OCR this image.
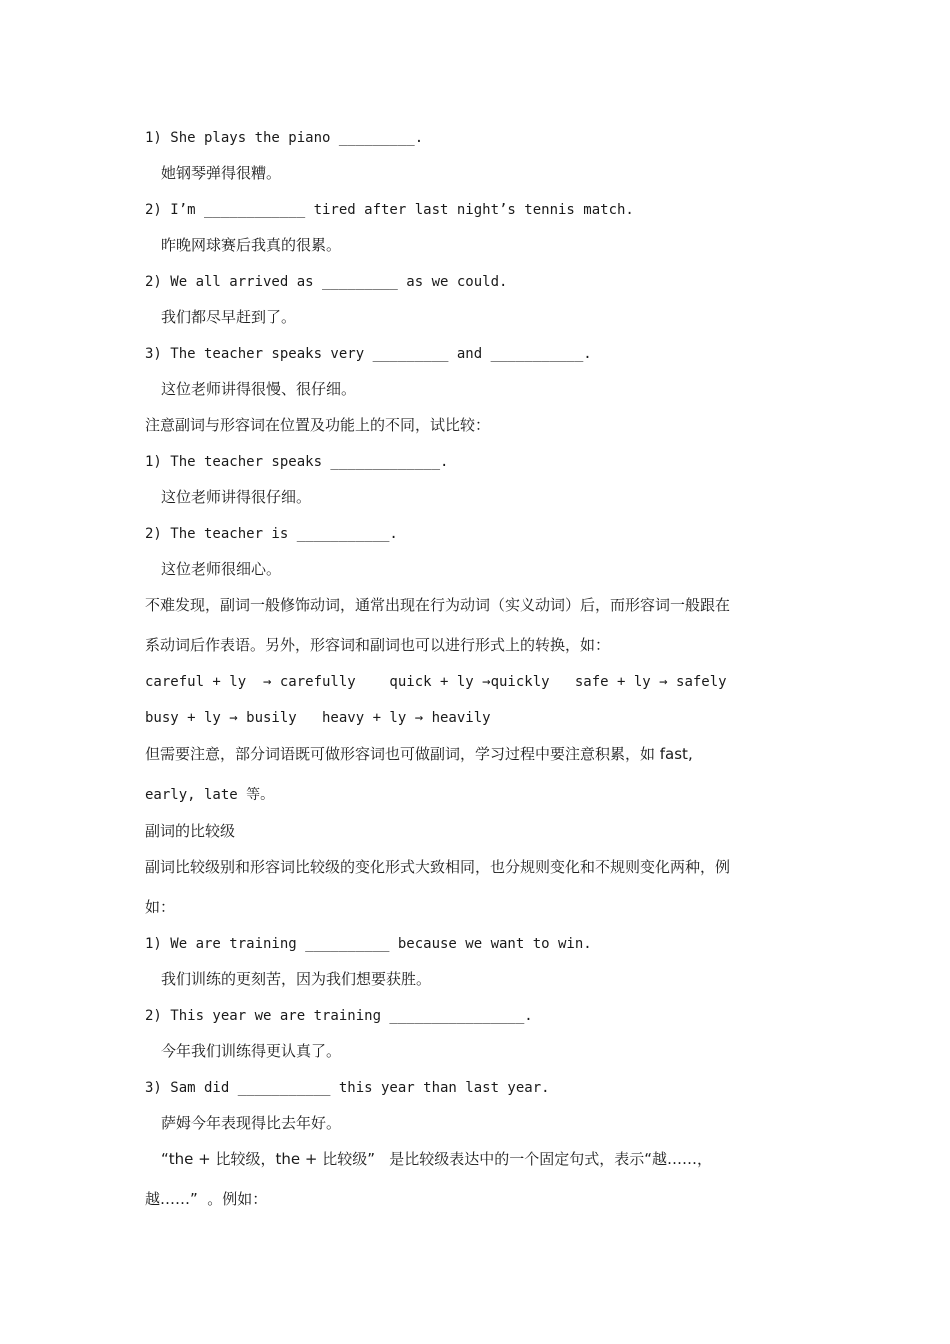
1) She plays the piano _________.
她钢琴弹得很糟。
2) I’m ____________ tired after last night’s tennis match.
昨晚网球赛后我真的很累。
2) We all arrived as _________ as we could.
我们都尽早赶到了。
3) The teacher speaks very _________ and ___________.
这位老师讲得很慢、很仔细。
注意副词与形容词在位置及功能上的不同，试比较：
1) The teacher speaks _____________.
这位老师讲得很仔细。
2) The teacher is ___________.
这位老师很细心。
不难发现，副词一般修饰动词，通常出现在行为动词（实义动词）后，而形容词一般跟在
系动词后作表语。另外，形容词和副词也可以进行形式上的转换，如：
careful + ly  → carefully    quick + ly →quickly   safe + ly → safely
busy + ly → busily   heavy + ly → heavily
但需要注意，部分词语既可做形容词也可做副词，学习过程中要注意积累，如 fast,
early, late 等。
副词的比较级
副词比较级别和形容词比较级的变化形式大致相同，也分规则变化和不规则变化两种，例
如：
1) We are training __________ because we want to win.
我们训练的更刻苦，因为我们想要获胜。
2) This year we are training ________________.
今年我们训练得更认真了。
3) Sam did ___________ this year than last year.
萨姆今年表现得比去年好。
“the + 比较级，the + 比较级”   是比较级表达中的一个固定句式，表示“越……，
越……”  。例如：
